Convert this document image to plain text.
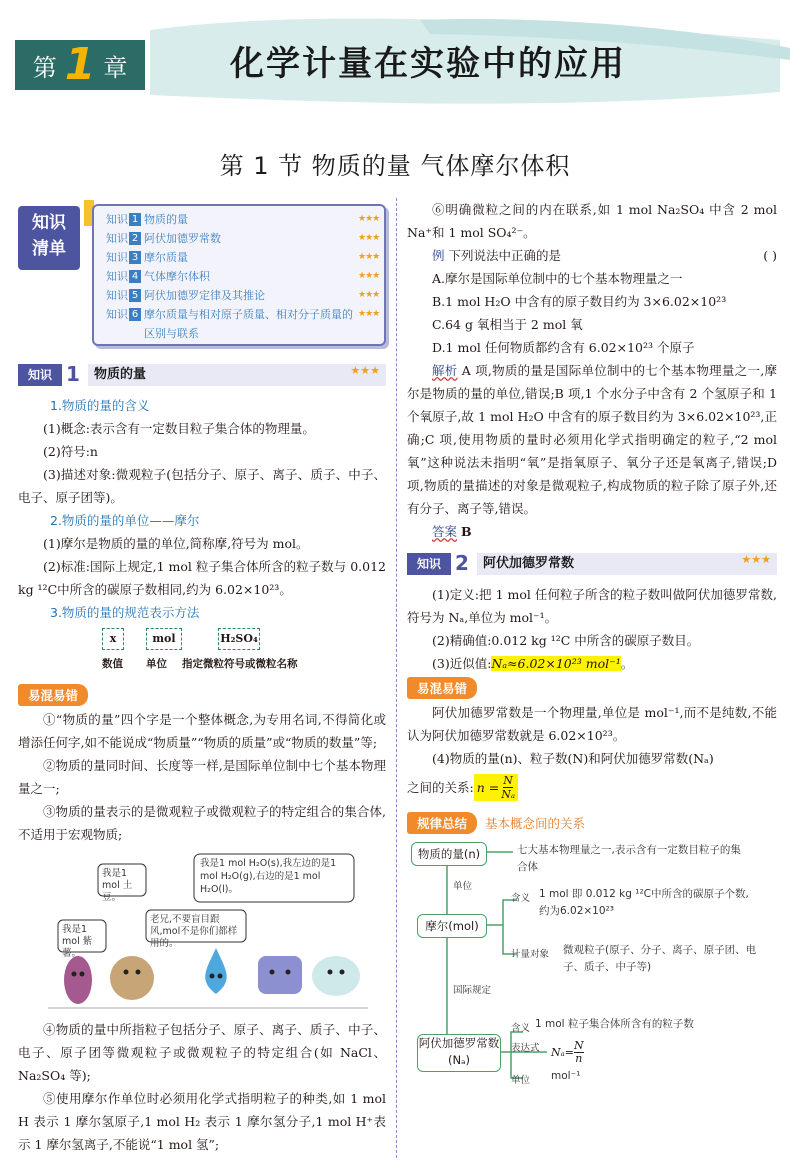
第 1 章	化学计量在实验中的应用
第 1 节 物质的量 气体摩尔体积
知识
清单
知识 1 物质的量	★★★
知识 2 阿伏加德罗常数	★★★
知识 3 摩尔质量	★★★
知识 4 气体摩尔体积	★★★
知识 5 阿伏加德罗定律及其推论	★★★
知识 6 摩尔质量与相对原子质量、相对分子质量的区别与联系
★★★
知识 1	物质的量	★★★

1.物质的量的含义

(1)概念:表示含有一定数目粒子集合体的物理量。

(2)符号:n

(3)描述对象:微观粒子(包括分子、原子、离子、质子、中子、电子、原子团等)。

2.物质的量的单位——摩尔

(1)摩尔是物质的量的单位,简称摩,符号为 mol。

(2)标准:国际上规定,1 mol 粒子集合体所含的粒子数与 0.012 kg ¹²C中所含的碳原子数相同,约为 6.02×10²³。

3.物质的量的规范表示方法

x	mol	H₂SO₄
数值 单位 指定微粒符号或微粒名称
易混易错

①“物质的量”四个字是一个整体概念,为专用名词,不得简化或增添任何字,如不能说成“物质量”“物质的质量”或“物质的数量”等;

②物质的量同时间、长度等一样,是国际单位制中七个基本物理量之一;

③物质的量表示的是微观粒子或微观粒子的特定组合的集合体,不适用于宏观物质;

我是1 mol 紫薯。
我是1 mol 土豆。
我是1 mol H₂O(s),我左边的是1 mol H₂O(g),右边的是1 mol H₂O(l)。
老兄,不要盲目跟风,mol不是你们都样用的。

④物质的量中所指粒子包括分子、原子、离子、质子、中子、电子、原子团等微观粒子或微观粒子的特定组合(如 NaCl、Na₂SO₄ 等);

⑤使用摩尔作单位时必须用化学式指明粒子的种类,如 1 mol H 表示 1 摩尔氢原子,1 mol H₂ 表示 1 摩尔氢分子,1 mol H⁺表示 1 摩尔氢离子,不能说“1 mol 氢”;

⑥明确微粒之间的内在联系,如 1 mol Na₂SO₄ 中含 2 mol Na⁺和 1 mol SO₄²⁻。

例 下列说法中正确的是	( )

A.摩尔是国际单位制中的七个基本物理量之一

B.1 mol H₂O 中含有的原子数目约为 3×6.02×10²³

C.64 g 氧相当于 2 mol 氧

D.1 mol 任何物质都约含有 6.02×10²³ 个原子

解析 A 项,物质的量是国际单位制中的七个基本物理量之一,摩尔是物质的量的单位,错误;B 项,1 个水分子中含有 2 个氢原子和 1 个氧原子,故 1 mol H₂O 中含有的原子数目约为 3×6.02×10²³,正确;C 项,使用物质的量时必须用化学式指明确定的粒子,“2 mol 氧”这种说法未指明“氧”是指氧原子、氧分子还是氧离子,错误;D 项,物质的量描述的对象是微观粒子,构成物质的粒子除了原子外,还有分子、离子等,错误。

答案 B

知识 2	阿伏加德罗常数	★★★

(1)定义:把 1 mol 任何粒子所含的粒子数叫做阿伏加德罗常数,符号为 Nₐ,单位为 mol⁻¹。

(2)精确值:0.012 kg ¹²C 中所含的碳原子数目。

(3)近似值:Nₐ≈6.02×10²³ mol⁻¹。

易混易错

阿伏加德罗常数是一个物理量,单位是 mol⁻¹,而不是纯数,不能认为阿伏加德罗常数就是 6.02×10²³。

(4)物质的量(n)、粒子数(N)和阿伏加德罗常数(Nₐ)

之间的关系: $n = \frac{N}{\text{Nₐ}}$
规律总结	基本概念间的关系
物质的量(n)	七大基本物理量之一,表示含有一定数目粒子的集合体
单位
摩尔(mol)
含义 1 mol 即 0.012 kg ¹²C中所含的碳原子个数,约为6.02×10²³
计量对象 微观粒子(原子、分子、离子、原子团、电子、质子、中子等)
国际规定
阿伏加德罗常数(Nₐ)
含义 1 mol 粒子集合体所含有的粒子数
表达式 $N_a= \frac{N}{n}$
单位 mol⁻¹
